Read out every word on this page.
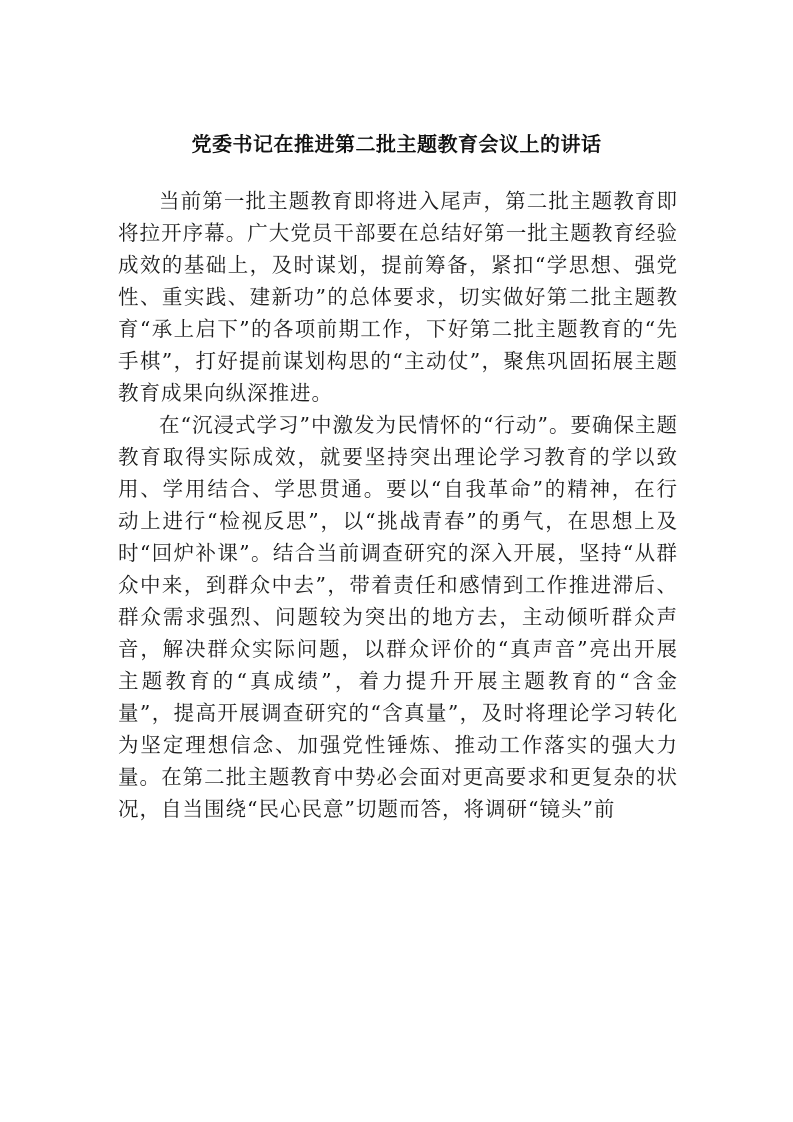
党委书记在推进第二批主题教育会议上的讲话

当前第一批主题教育即将进入尾声，第二批主题教育即将拉开序幕。广大党员干部要在总结好第一批主题教育经验成效的基础上，及时谋划，提前筹备，紧扣“学思想、强党性、重实践、建新功”的总体要求，切实做好第二批主题教育“承上启下”的各项前期工作，下好第二批主题教育的“先手棋”，打好提前谋划构思的“主动仗”，聚焦巩固拓展主题教育成果向纵深推进。

在“沉浸式学习”中激发为民情怀的“行动”。要确保主题教育取得实际成效，就要坚持突出理论学习教育的学以致用、学用结合、学思贯通。要以“自我革命”的精神，在行动上进行“检视反思”，以“挑战青春”的勇气，在思想上及时“回炉补课”。结合当前调查研究的深入开展，坚持“从群众中来，到群众中去”，带着责任和感情到工作推进滞后、群众需求强烈、问题较为突出的地方去，主动倾听群众声音，解决群众实际问题，以群众评价的“真声音”亮出开展主题教育的“真成绩”，着力提升开展主题教育的“含金量”，提高开展调查研究的“含真量”，及时将理论学习转化为坚定理想信念、加强党性锤炼、推动工作落实的强大力量。在第二批主题教育中势必会面对更高要求和更复杂的状况，自当围绕“民心民意”切题而答，将调研“镜头”前
